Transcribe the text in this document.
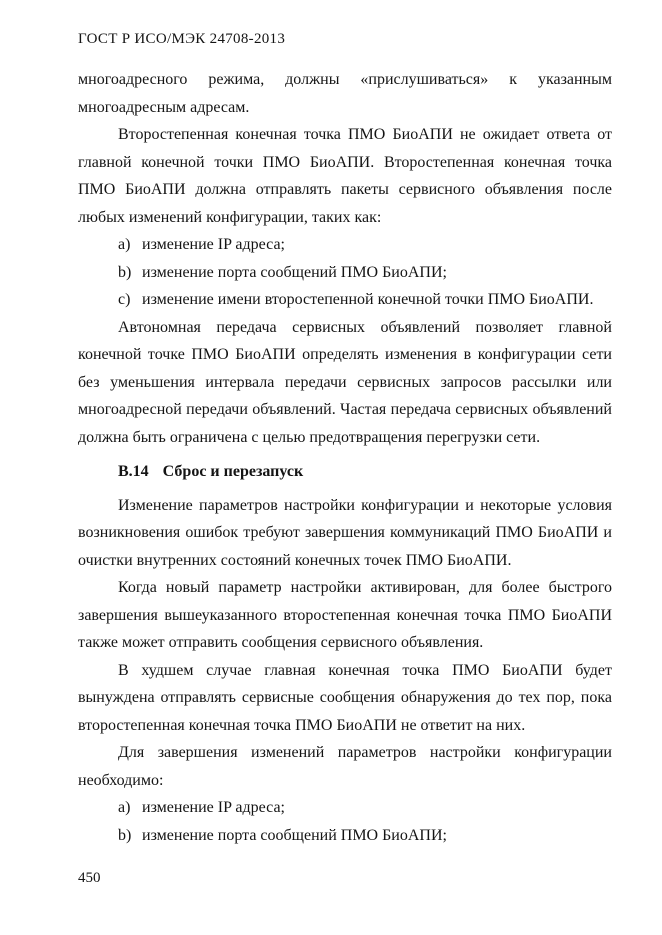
ГОСТ Р ИСО/МЭК 24708-2013

многоадресного режима, должны «прислушиваться» к указанным многоадресным адресам.

Второстепенная конечная точка ПМО БиоАПИ не ожидает ответа от главной конечной точки ПМО БиоАПИ. Второстепенная конечная точка ПМО БиоАПИ должна отправлять пакеты сервисного объявления после любых изменений конфигурации, таких как:

a) изменение IP адреса;

b) изменение порта сообщений ПМО БиоАПИ;

c) изменение имени второстепенной конечной точки ПМО БиоАПИ.

Автономная передача сервисных объявлений позволяет главной конечной точке ПМО БиоАПИ определять изменения в конфигурации сети без уменьшения интервала передачи сервисных запросов рассылки или многоадресной передачи объявлений. Частая передача сервисных объявлений должна быть ограничена с целью предотвращения перегрузки сети.

В.14 Сброс и перезапуск

Изменение параметров настройки конфигурации и некоторые условия возникновения ошибок требуют завершения коммуникаций ПМО БиоАПИ и очистки внутренних состояний конечных точек ПМО БиоАПИ.

Когда новый параметр настройки активирован, для более быстрого завершения вышеуказанного второстепенная конечная точка ПМО БиоАПИ также может отправить сообщения сервисного объявления.

В худшем случае главная конечная точка ПМО БиоАПИ будет вынуждена отправлять сервисные сообщения обнаружения до тех пор, пока второстепенная конечная точка ПМО БиоАПИ не ответит на них.

Для завершения изменений параметров настройки конфигурации необходимо:

a) изменение IP адреса;

b) изменение порта сообщений ПМО БиоАПИ;

450
